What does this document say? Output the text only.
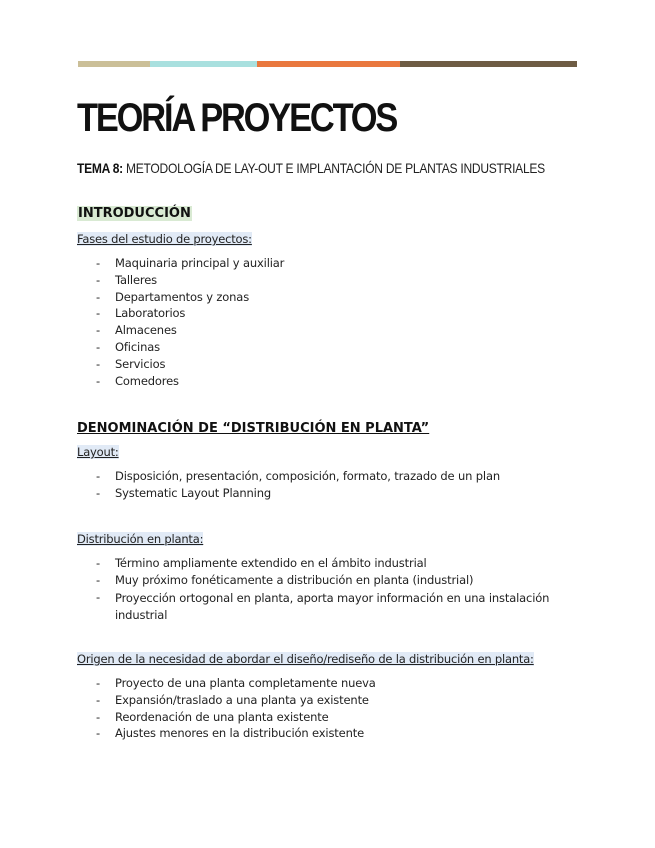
TEORÍA PROYECTOS
TEMA 8: METODOLOGÍA DE LAY-OUT E IMPLANTACIÓN DE PLANTAS INDUSTRIALES
INTRODUCCIÓN
Fases del estudio de proyectos:
- Maquinaria principal y auxiliar
- Talleres
- Departamentos y zonas
- Laboratorios
- Almacenes
- Oficinas
- Servicios
- Comedores
DENOMINACIÓN DE “DISTRIBUCIÓN EN PLANTA”
Layout:
- Disposición, presentación, composición, formato, trazado de un plan
- Systematic Layout Planning
Distribución en planta:
- Término ampliamente extendido en el ámbito industrial
- Muy próximo fonéticamente a distribución en planta (industrial)
- Proyección ortogonal en planta, aporta mayor información en una instalación industrial
Origen de la necesidad de abordar el diseño/rediseño de la distribución en planta:
- Proyecto de una planta completamente nueva
- Expansión/traslado a una planta ya existente
- Reordenación de una planta existente
- Ajustes menores en la distribución existente
